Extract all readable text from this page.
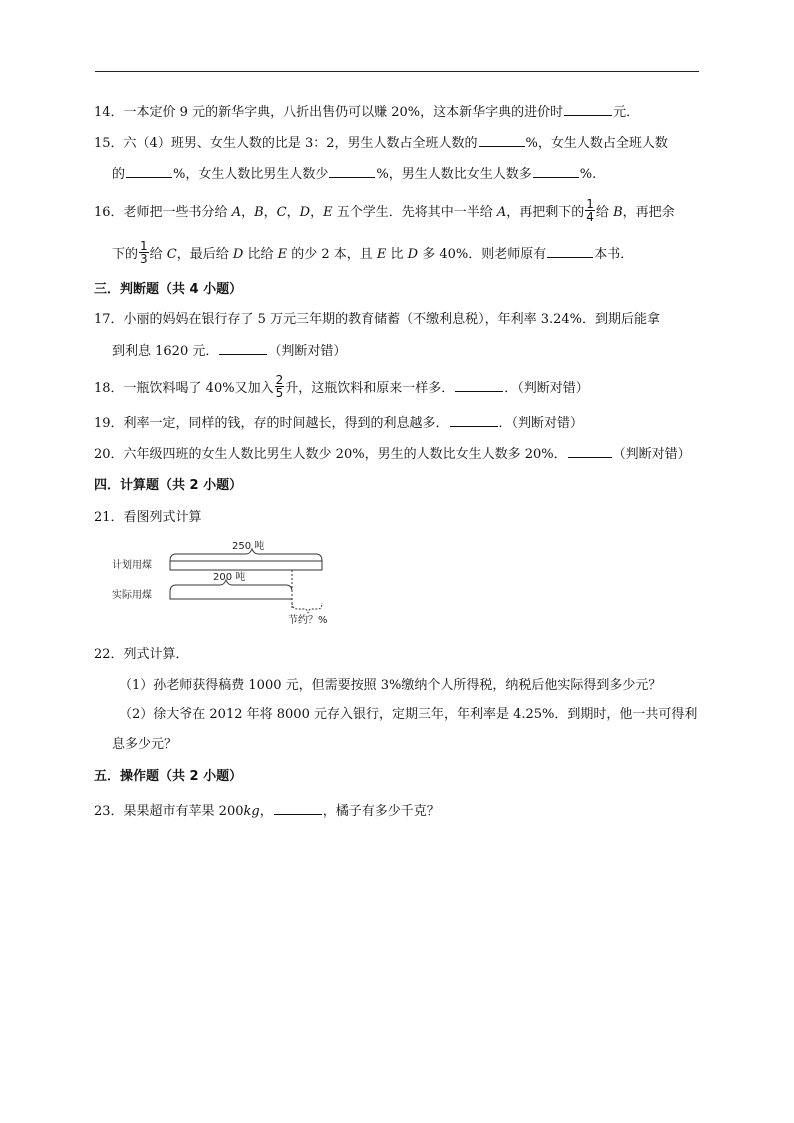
14．一本定价 9 元的新华字典，八折出售仍可以赚 20%，这本新华字典的进价时	元．
15．六（4）班男、女生人数的比是 3：2，男生人数占全班人数的	%，女生人数占全班人数
的	%，女生人数比男生人数少	%，男生人数比女生人数多	%.
16．老师把一些书分给 A，B，C，D，E 五个学生．先将其中一半给 A，再把剩下的 $\frac{1}{4}$ 给 B，再把余
下的 $\frac{1}{3}$ 给 C，最后给 D 比给 E 的少 2 本，且 E 比 D 多 40%．则老师原有	本书．
三．判断题（共 4 小题）
17．小丽的妈妈在银行存了 5 万元三年期的教育储蓄（不缴利息税），年利率 3.24%．到期后能拿
到利息 1620 元．	（判断对错）
18．一瓶饮料喝了 40%又加入 $\frac{2}{5}$ 升，这瓶饮料和原来一样多．	．（判断对错）
19．利率一定，同样的钱，存的时间越长，得到的利息越多．	．（判断对错）
20．六年级四班的女生人数比男生人数少 20%，男生的人数比女生人数多 20%．	（判断对错）
四．计算题（共 2 小题）
21．看图列式计算
计划用煤
实际用煤
250 吨
200 吨
节约？%
22．列式计算．
（1）孙老师获得稿费 1000 元，但需要按照 3%缴纳个人所得税，纳税后他实际得到多少元？
（2）徐大爷在 2012 年将 8000 元存入银行，定期三年，年利率是 4.25%．到期时，他一共可得利
息多少元？
五．操作题（共 2 小题）
23．果果超市有苹果 200kg，	，橘子有多少千克？
